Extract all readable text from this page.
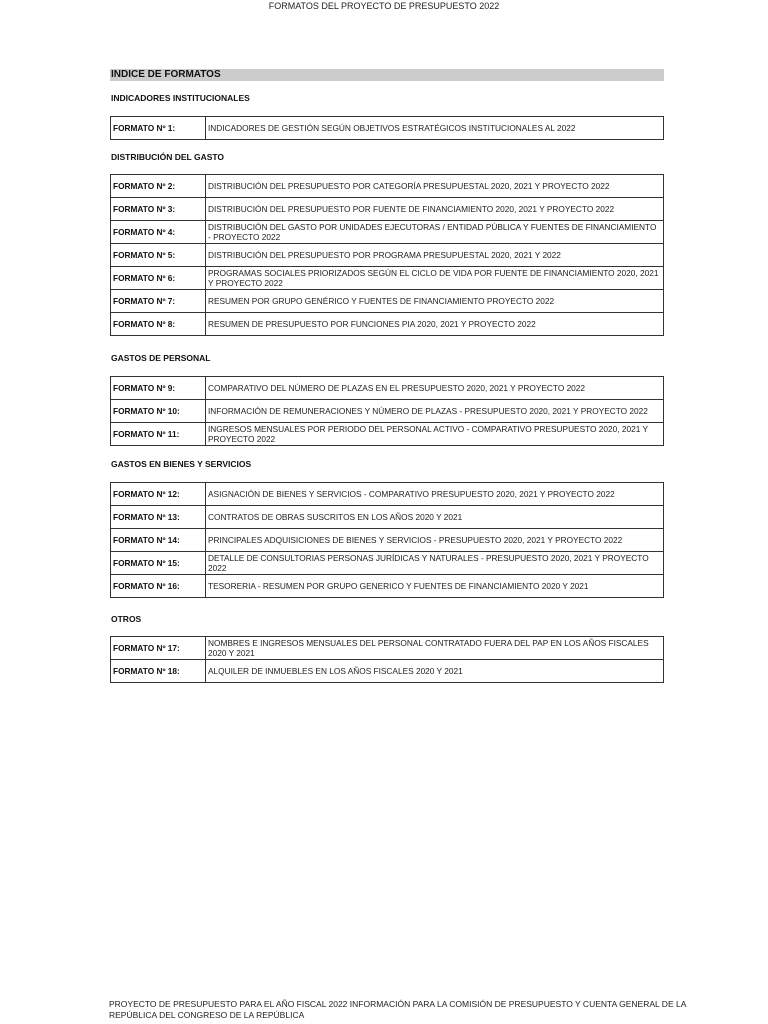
FORMATOS DEL PROYECTO DE PRESUPUESTO 2022
INDICE DE FORMATOS
INDICADORES INSTITUCIONALES
FORMATO Nº 1:	INDICADORES DE GESTIÓN SEGÚN OBJETIVOS ESTRATÉGICOS INSTITUCIONALES AL 2022
DISTRIBUCIÓN DEL GASTO
FORMATO Nº 2:	DISTRIBUCIÓN DEL PRESUPUESTO POR CATEGORÍA PRESUPUESTAL 2020, 2021 Y PROYECTO 2022
FORMATO Nº 3:	DISTRIBUCIÓN DEL PRESUPUESTO POR FUENTE DE FINANCIAMIENTO 2020, 2021 Y PROYECTO 2022
FORMATO Nº 4:	DISTRIBUCIÓN DEL GASTO POR UNIDADES EJECUTORAS / ENTIDAD PÚBLICA Y FUENTES DE FINANCIAMIENTO - PROYECTO 2022
FORMATO Nº 5:	DISTRIBUCIÓN DEL PRESUPUESTO POR PROGRAMA PRESUPUESTAL 2020, 2021 Y 2022
FORMATO Nº 6:	PROGRAMAS SOCIALES PRIORIZADOS SEGÚN EL CICLO DE VIDA POR FUENTE DE FINANCIAMIENTO 2020, 2021 Y PROYECTO 2022
FORMATO Nº 7:	RESUMEN POR GRUPO GENÉRICO Y FUENTES DE FINANCIAMIENTO PROYECTO 2022
FORMATO Nº 8:	RESUMEN DE PRESUPUESTO POR FUNCIONES PIA 2020, 2021 Y PROYECTO 2022
GASTOS DE PERSONAL
FORMATO Nº 9:	COMPARATIVO DEL NÚMERO DE PLAZAS EN EL PRESUPUESTO 2020, 2021 Y PROYECTO 2022
FORMATO Nº 10:	INFORMACIÓN DE REMUNERACIONES Y NÚMERO DE PLAZAS - PRESUPUESTO 2020, 2021 Y PROYECTO 2022
FORMATO Nº 11:	INGRESOS MENSUALES POR PERIODO DEL PERSONAL ACTIVO - COMPARATIVO PRESUPUESTO 2020, 2021 Y PROYECTO 2022
GASTOS EN BIENES Y SERVICIOS
FORMATO Nº 12:	ASIGNACIÓN DE BIENES Y SERVICIOS - COMPARATIVO PRESUPUESTO 2020, 2021 Y PROYECTO 2022
FORMATO Nº 13:	CONTRATOS DE OBRAS SUSCRITOS EN LOS AÑOS 2020 Y 2021
FORMATO Nº 14:	PRINCIPALES ADQUISICIONES DE BIENES Y SERVICIOS - PRESUPUESTO 2020, 2021 Y PROYECTO 2022
FORMATO Nº 15:	DETALLE DE CONSULTORIAS PERSONAS JURÍDICAS Y NATURALES - PRESUPUESTO 2020, 2021 Y PROYECTO 2022
FORMATO Nº 16:	TESORERIA - RESUMEN POR GRUPO GENERICO Y FUENTES DE FINANCIAMIENTO 2020 Y 2021
OTROS
FORMATO Nº 17:	NOMBRES E INGRESOS MENSUALES DEL PERSONAL CONTRATADO FUERA DEL PAP EN LOS AÑOS FISCALES 2020 Y 2021
FORMATO Nº 18:	ALQUILER DE INMUEBLES EN LOS AÑOS FISCALES 2020 Y 2021
PROYECTO DE PRESUPUESTO PARA EL AÑO FISCAL 2022 INFORMACIÓN PARA LA COMISIÓN DE PRESUPUESTO Y CUENTA GENERAL DE LA REPÚBLICA DEL CONGRESO DE LA REPÚBLICA
